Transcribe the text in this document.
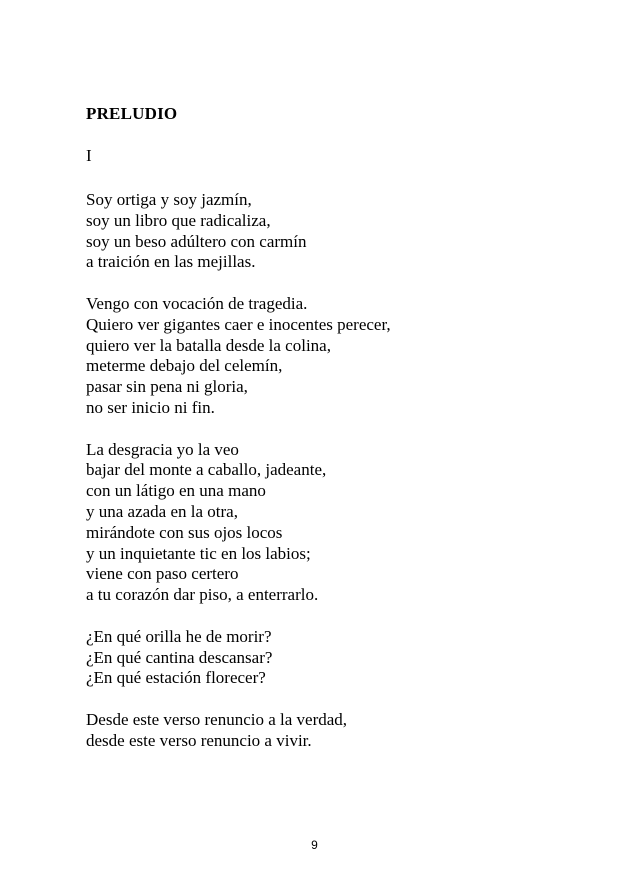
PRELUDIO
I
Soy ortiga y soy jazmín,
soy un libro que radicaliza,
soy un beso adúltero con carmín
a traición en las mejillas.
Vengo con vocación de tragedia.
Quiero ver gigantes caer e inocentes perecer,
quiero ver la batalla desde la colina,
meterme debajo del celemín,
pasar sin pena ni gloria,
no ser inicio ni fin.
La desgracia yo la veo
bajar del monte a caballo, jadeante,
con un látigo en una mano
y una azada en la otra,
mirándote con sus ojos locos
y un inquietante tic en los labios;
viene con paso certero
a tu corazón dar piso, a enterrarlo.
¿En qué orilla he de morir?
¿En qué cantina descansar?
¿En qué estación florecer?
Desde este verso renuncio a la verdad,
desde este verso renuncio a vivir.
9
